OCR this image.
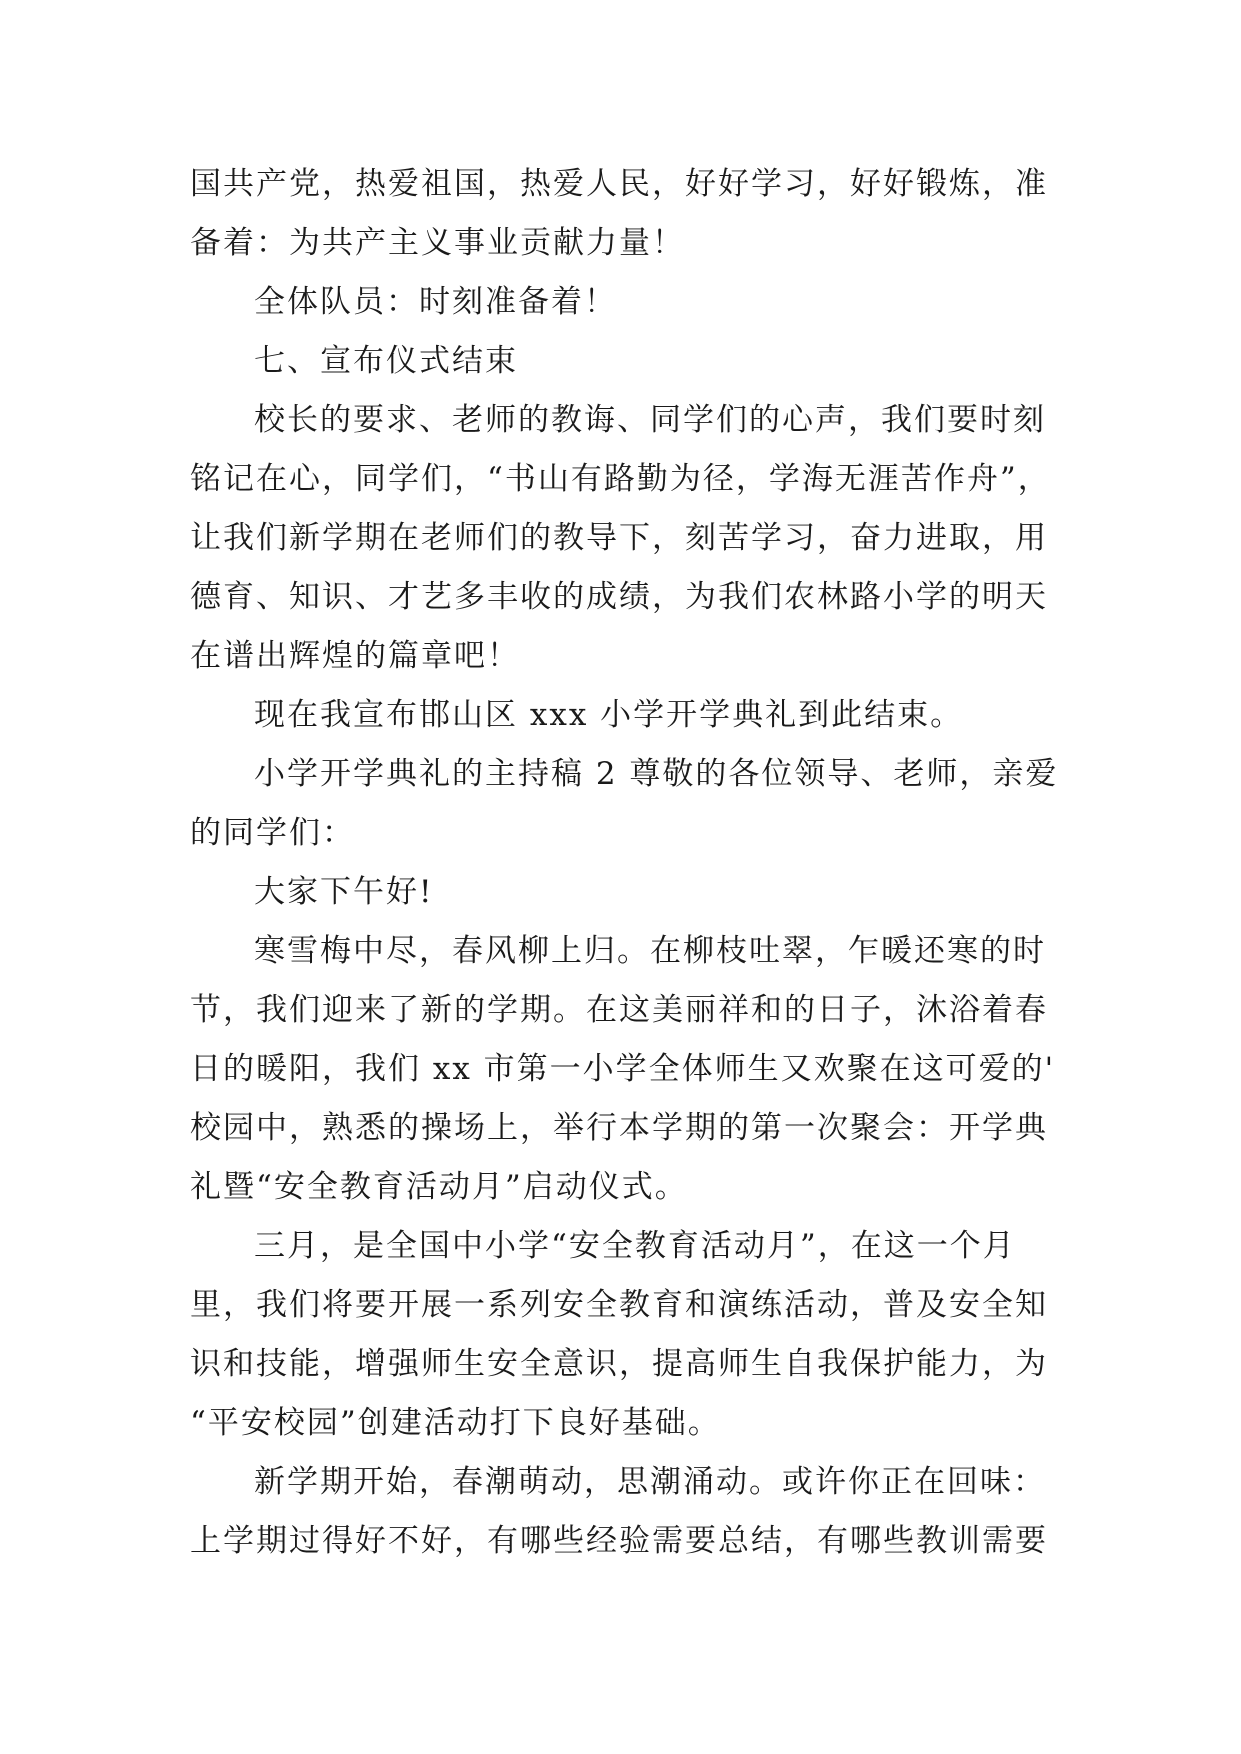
国共产党，热爱祖国，热爱人民，好好学习，好好锻炼，准
备着：为共产主义事业贡献力量！
全体队员：时刻准备着！
七、宣布仪式结束
校长的要求、老师的教诲、同学们的心声，我们要时刻
铭记在心，同学们，“书山有路勤为径，学海无涯苦作舟”，
让我们新学期在老师们的教导下，刻苦学习，奋力进取，用
德育、知识、才艺多丰收的成绩，为我们农林路小学的明天
在谱出辉煌的篇章吧！
现在我宣布邯山区 xxx 小学开学典礼到此结束。
小学开学典礼的主持稿 2 尊敬的各位领导、老师，亲爱
的同学们：
大家下午好!
寒雪梅中尽，春风柳上归。在柳枝吐翠，乍暖还寒的时
节，我们迎来了新的学期。在这美丽祥和的日子，沐浴着春
日的暖阳，我们 xx 市第一小学全体师生又欢聚在这可爱的'
校园中，熟悉的操场上，举行本学期的第一次聚会：开学典
礼暨“安全教育活动月”启动仪式。
三月，是全国中小学“安全教育活动月”，在这一个月
里，我们将要开展一系列安全教育和演练活动，普及安全知
识和技能，增强师生安全意识，提高师生自我保护能力，为
“平安校园”创建活动打下良好基础。
新学期开始，春潮萌动，思潮涌动。或许你正在回味：
上学期过得好不好，有哪些经验需要总结，有哪些教训需要
